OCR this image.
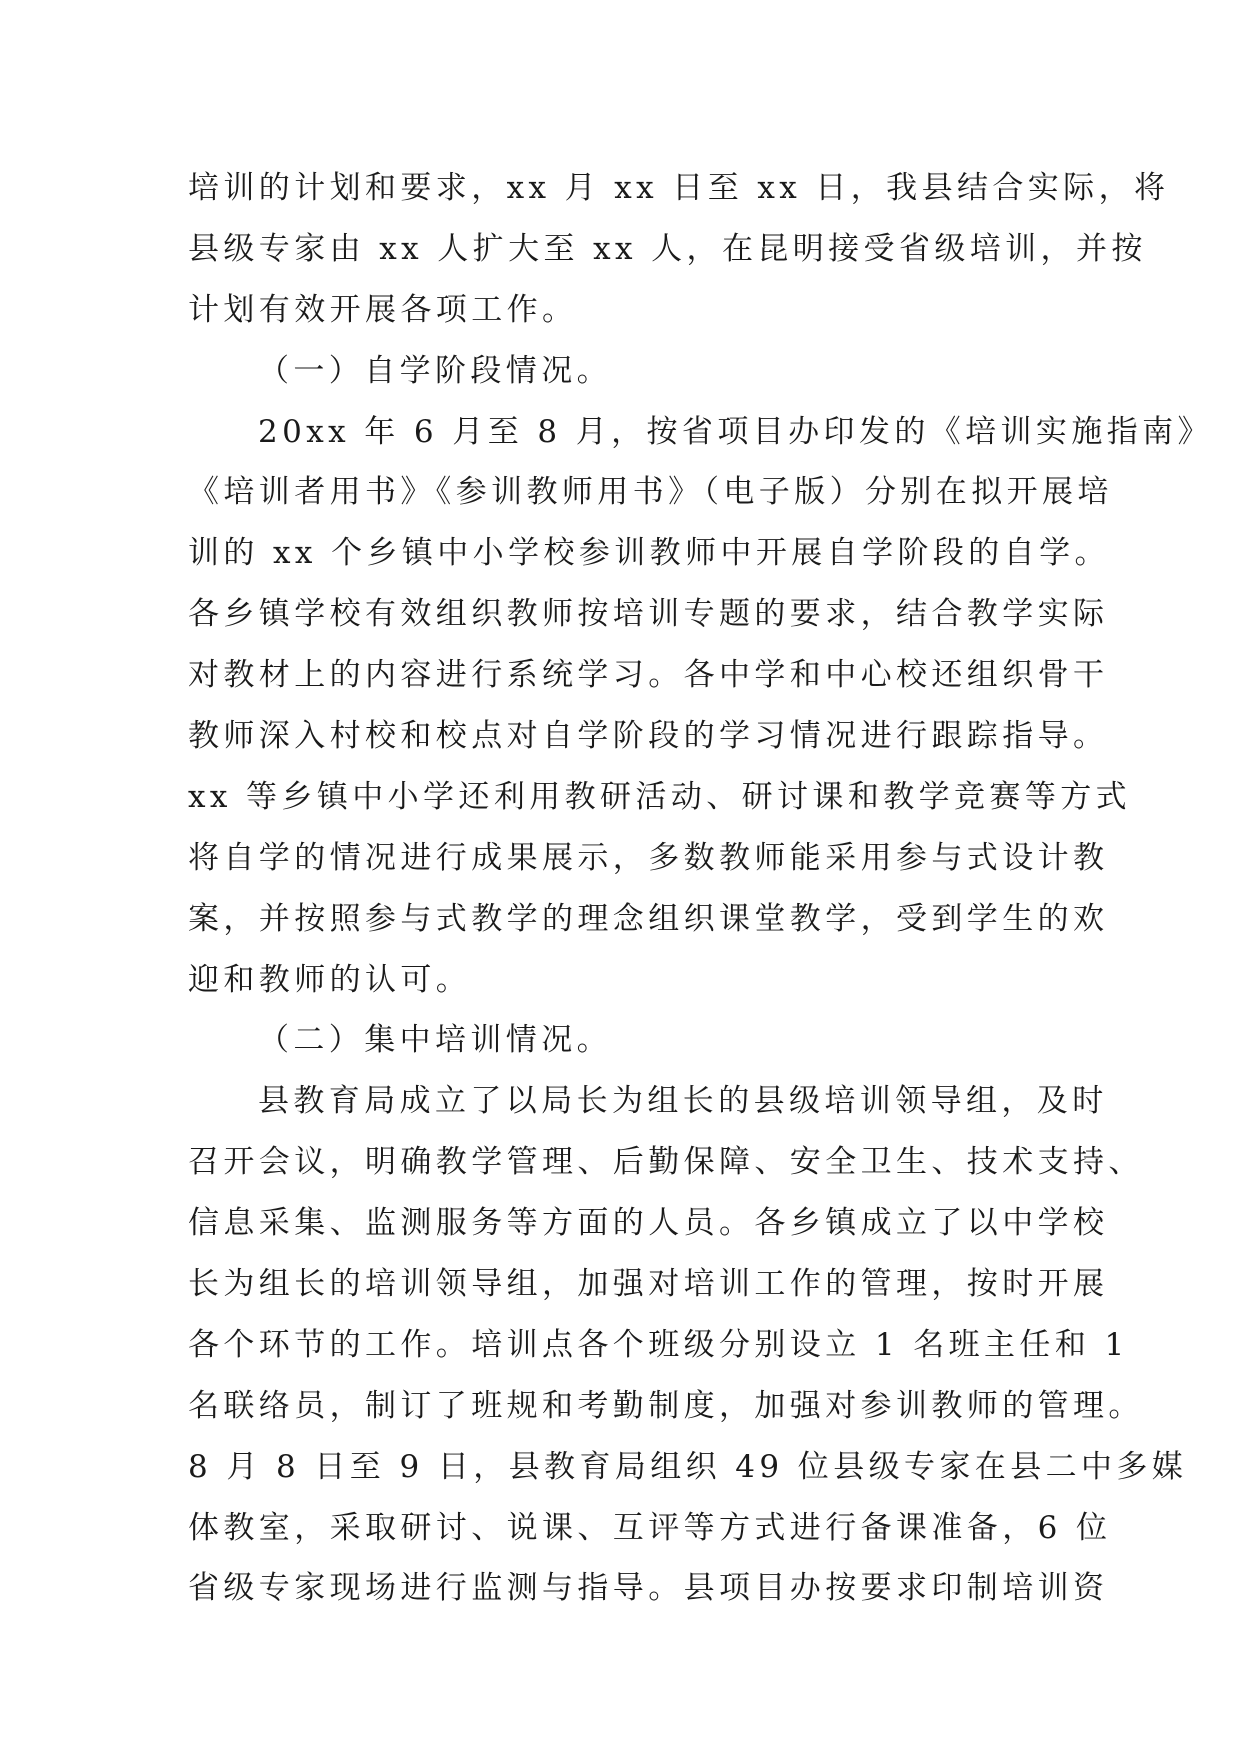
培训的计划和要求，xx 月 xx 日至 xx 日，我县结合实际，将
县级专家由 xx 人扩大至 xx 人，在昆明接受省级培训，并按
计划有效开展各项工作。
（一）自学阶段情况。
20xx 年 6 月至 8 月，按省项目办印发的《培训实施指南》
《培训者用书》《参训教师用书》（电子版）分别在拟开展培
训的 xx 个乡镇中小学校参训教师中开展自学阶段的自学。
各乡镇学校有效组织教师按培训专题的要求，结合教学实际
对教材上的内容进行系统学习。各中学和中心校还组织骨干
教师深入村校和校点对自学阶段的学习情况进行跟踪指导。
xx 等乡镇中小学还利用教研活动、研讨课和教学竞赛等方式
将自学的情况进行成果展示，多数教师能采用参与式设计教
案，并按照参与式教学的理念组织课堂教学，受到学生的欢
迎和教师的认可。
（二）集中培训情况。
县教育局成立了以局长为组长的县级培训领导组，及时
召开会议，明确教学管理、后勤保障、安全卫生、技术支持、
信息采集、监测服务等方面的人员。各乡镇成立了以中学校
长为组长的培训领导组，加强对培训工作的管理，按时开展
各个环节的工作。培训点各个班级分别设立 1 名班主任和 1
名联络员，制订了班规和考勤制度，加强对参训教师的管理。
8 月 8 日至 9 日，县教育局组织 49 位县级专家在县二中多媒
体教室，采取研讨、说课、互评等方式进行备课准备，6 位
省级专家现场进行监测与指导。县项目办按要求印制培训资
